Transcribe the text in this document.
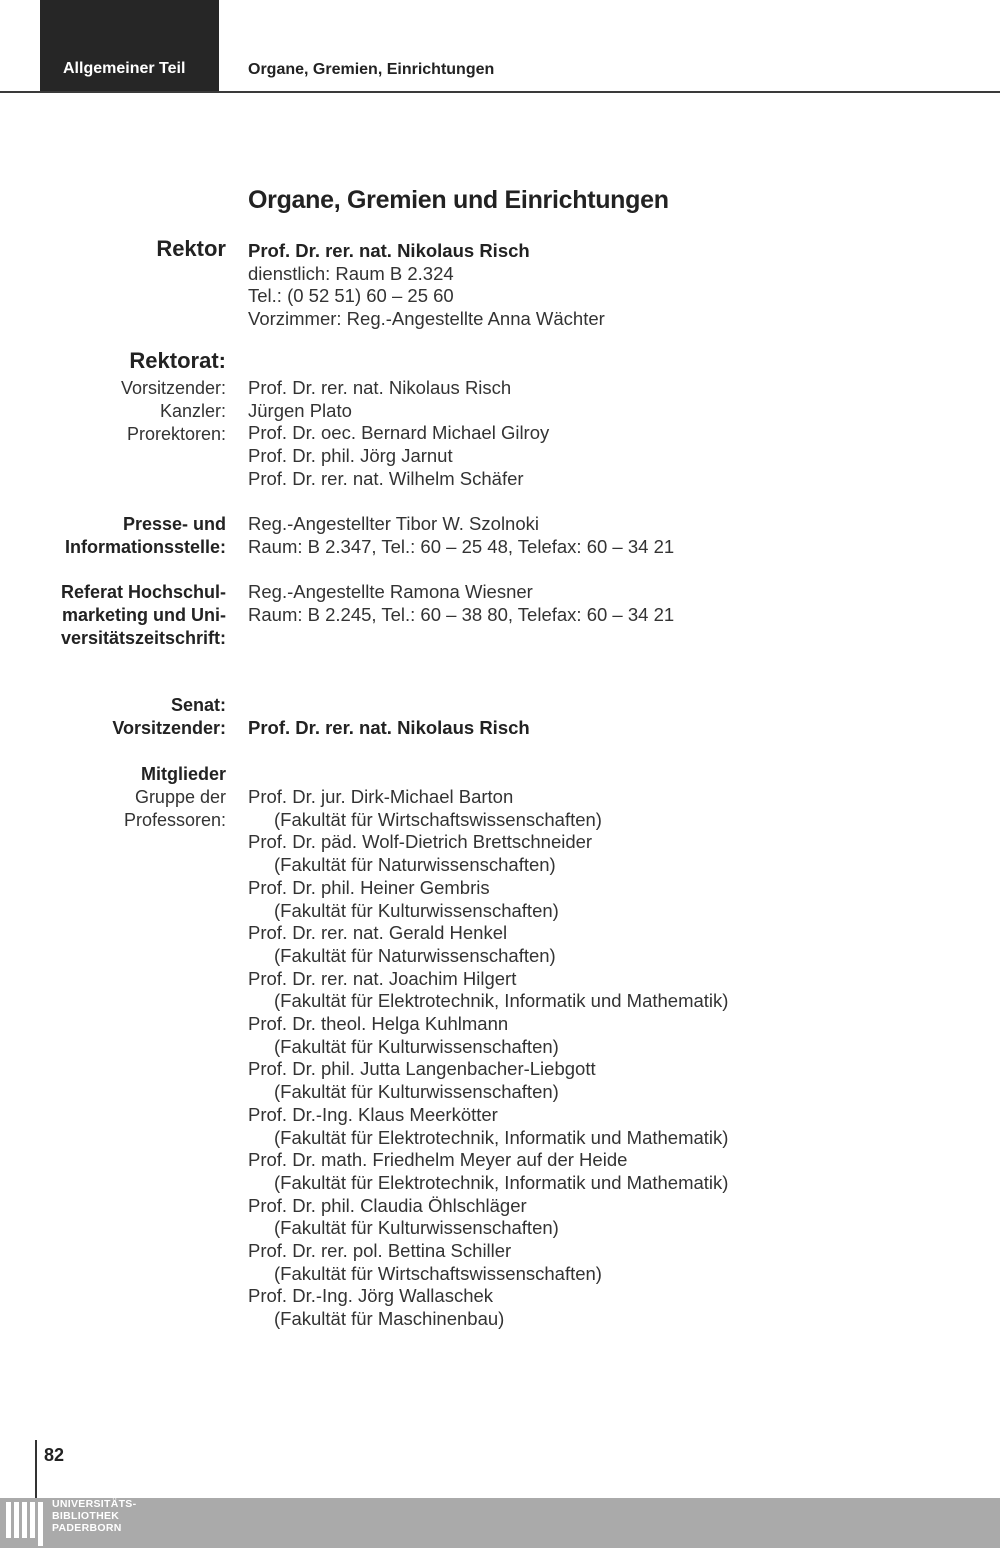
Allgemeiner Teil	Organe, Gremien, Einrichtungen
Organe, Gremien und Einrichtungen
Rektor Prof. Dr. rer. nat. Nikolaus Risch
dienstlich: Raum B 2.324
Tel.: (0 52 51) 60 – 25 60
Vorzimmer: Reg.-Angestellte Anna Wächter
Rektorat:
Vorsitzender:
Kanzler:
Prorektoren:
Prof. Dr. rer. nat. Nikolaus Risch
Jürgen Plato
Prof. Dr. oec. Bernard Michael Gilroy
Prof. Dr. phil. Jörg Jarnut
Prof. Dr. rer. nat. Wilhelm Schäfer
Presse- und
Informationsstelle:
Reg.-Angestellter Tibor W. Szolnoki
Raum: B 2.347, Tel.: 60 – 25 48, Telefax: 60 – 34 21
Referat Hochschul-
marketing und Uni-
versitätszeitschrift:
Reg.-Angestellte Ramona Wiesner
Raum: B 2.245, Tel.: 60 – 38 80, Telefax: 60 – 34 21
Senat:
Vorsitzender: Prof. Dr. rer. nat. Nikolaus Risch
Mitglieder
Gruppe der
Professoren:
Prof. Dr. jur. Dirk-Michael Barton
(Fakultät für Wirtschaftswissenschaften)
Prof. Dr. päd. Wolf-Dietrich Brettschneider
(Fakultät für Naturwissenschaften)
Prof. Dr. phil. Heiner Gembris
(Fakultät für Kulturwissenschaften)
Prof. Dr. rer. nat. Gerald Henkel
(Fakultät für Naturwissenschaften)
Prof. Dr. rer. nat. Joachim Hilgert
(Fakultät für Elektrotechnik, Informatik und Mathematik)
Prof. Dr. theol. Helga Kuhlmann
(Fakultät für Kulturwissenschaften)
Prof. Dr. phil. Jutta Langenbacher-Liebgott
(Fakultät für Kulturwissenschaften)
Prof. Dr.-Ing. Klaus Meerkötter
(Fakultät für Elektrotechnik, Informatik und Mathematik)
Prof. Dr. math. Friedhelm Meyer auf der Heide
(Fakultät für Elektrotechnik, Informatik und Mathematik)
Prof. Dr. phil. Claudia Öhlschläger
(Fakultät für Kulturwissenschaften)
Prof. Dr. rer. pol. Bettina Schiller
(Fakultät für Wirtschaftswissenschaften)
Prof. Dr.-Ing. Jörg Wallaschek
(Fakultät für Maschinenbau)
82
UNIVERSITÄTS-
BIBLIOTHEK
PADERBORN
